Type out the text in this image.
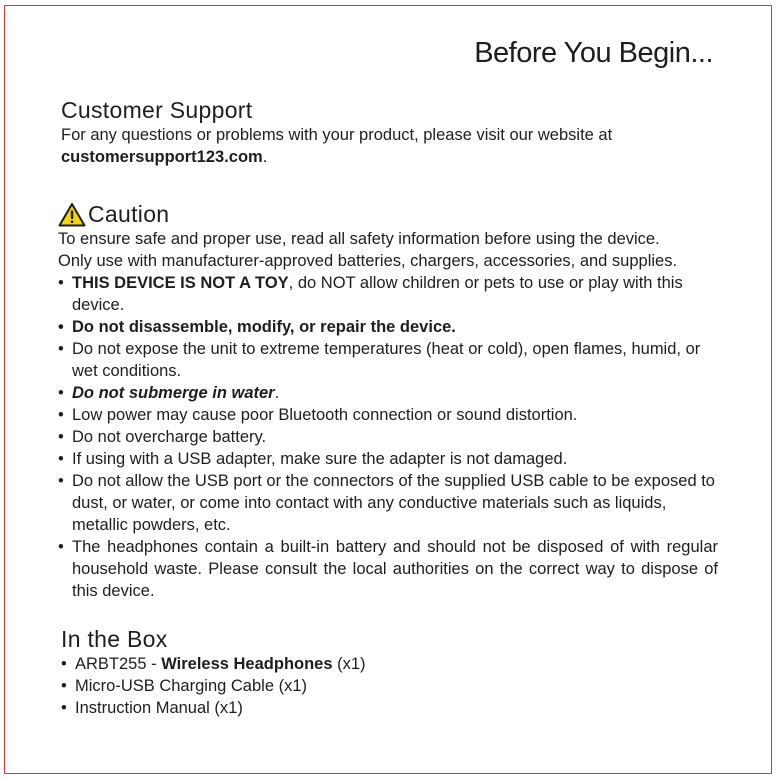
Before You Begin...
Customer Support
For any questions or problems with your product, please visit our website at
customersupport123.com.
Caution
To ensure safe and proper use, read all safety information before using the device.
Only use with manufacturer-approved batteries, chargers, accessories, and supplies.
• THIS DEVICE IS NOT A TOY, do NOT allow children or pets to use or play with this device.
• Do not disassemble, modify, or repair the device.
• Do not expose the unit to extreme temperatures (heat or cold), open flames, humid, or wet conditions.
• Do not submerge in water.
• Low power may cause poor Bluetooth connection or sound distortion.
• Do not overcharge battery.
• If using with a USB adapter, make sure the adapter is not damaged.
• Do not allow the USB port or the connectors of the supplied USB cable to be exposed to dust, or water, or come into contact with any conductive materials such as liquids, metallic powders, etc.
• The headphones contain a built-in battery and should not be disposed of with regular household waste. Please consult the local authorities on the correct way to dispose of this device.
In the Box
• ARBT255 - Wireless Headphones (x1)
• Micro-USB Charging Cable (x1)
• Instruction Manual (x1)
